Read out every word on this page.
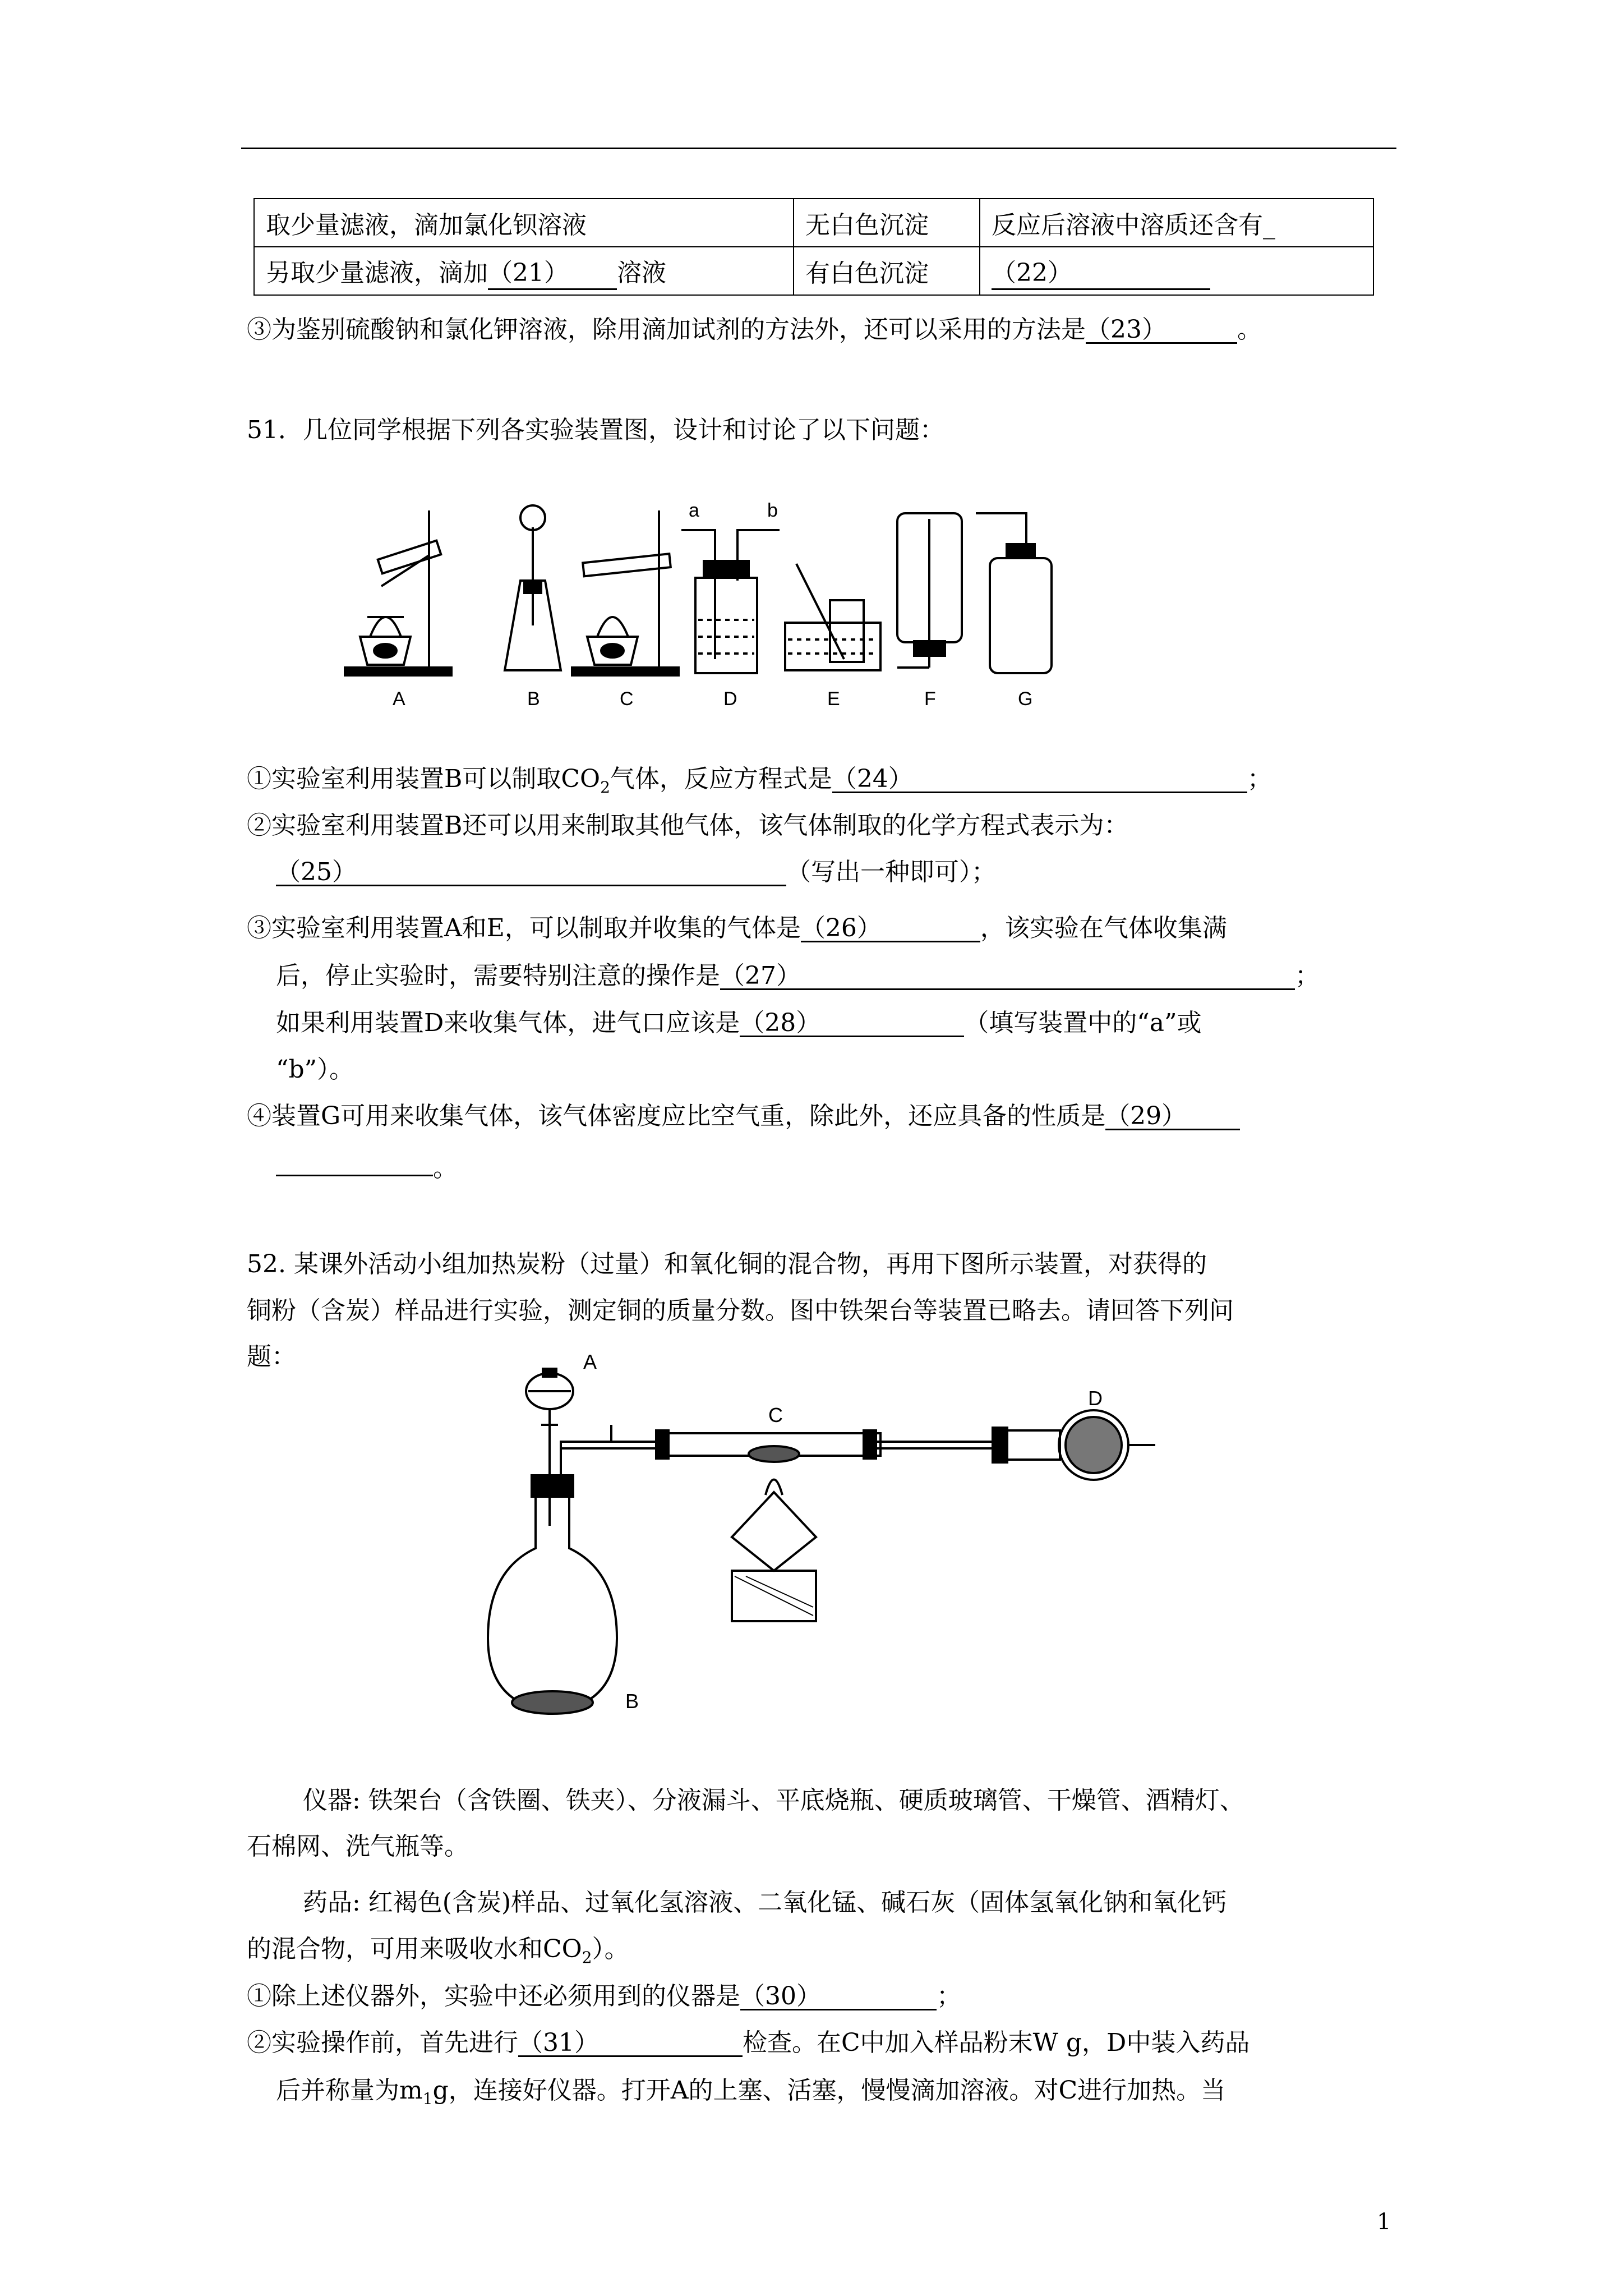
取少量滤液，滴加氯化钡溶液	无白色沉淀	反应后溶液中溶质还含有_
另取少量滤液，滴加（21） 溶液	有白色沉淀	（22）
③为鉴别硫酸钠和氯化钾溶液，除用滴加试剂的方法外，还可以采用的方法是（23）	。
51．几位同学根据下列各实验装置图，设计和讨论了以下问题：
A	B	C	D	E	F	G
a	b
①实验室利用装置B可以制取$CO_2$气体，反应方程式是（24）	；
②实验室利用装置B还可以用来制取其他气体，该气体制取的化学方程式表示为：
（25）	（写出一种即可）；
③实验室利用装置A和E，可以制取并收集的气体是（26）	，该实验在气体收集满
后，停止实验时，需要特别注意的操作是（27）	；
如果利用装置D来收集气体，进气口应该是（28）	（填写装置中的“a”或
“b”）。
④装置G可用来收集气体，该气体密度应比空气重，除此外，还应具备的性质是（29）
。
52. 某课外活动小组加热炭粉（过量）和氧化铜的混合物，再用下图所示装置，对获得的
铜粉（含炭）样品进行实验，测定铜的质量分数。图中铁架台等装置已略去。请回答下列问
题：	A
B
C
D
仪器: 铁架台（含铁圈、铁夹）、分液漏斗、平底烧瓶、硬质玻璃管、干燥管、酒精灯、
石棉网、洗气瓶等。
药品: 红褐色(含炭)样品、过氧化氢溶液、二氧化锰、碱石灰（固体氢氧化钠和氧化钙
的混合物，可用来吸收水和$CO_2$）。
①除上述仪器外，实验中还必须用到的仪器是（30）	；
②实验操作前，首先进行（31）	检查。在C中加入样品粉末W g，D中装入药品
后并称量为$m_1g$，连接好仪器。打开A的上塞、活塞，慢慢滴加溶液。对C进行加热。当
1
